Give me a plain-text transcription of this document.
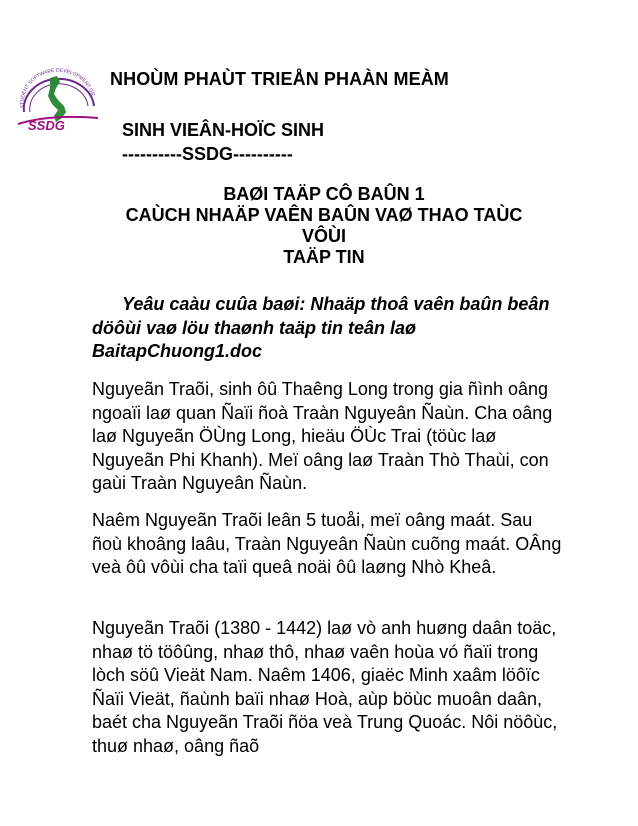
STUDENT SOFTWARE DEVELOPMENT GR
SSDG
NHOÙM PHAÙT TRIEÅN PHAÀN MEÀM
SINH VIEÂN-HOÏC SINH
----------SSDG----------
BAØI TAÄP CÔ BAÛN 1
CAÙCH NHAÄP VAÊN BAÛN VAØ THAO TAÙC
VÔÙI
TAÄP TIN
Yeâu caàu cuûa baøi: Nhaäp thoâ vaên baûn beân döôùi vaø löu thaønh taäp tin teân laø BaitapChuong1.doc
Nguyeãn Traõi, sinh ôû Thaêng Long trong gia ñình oâng ngoaïi laø quan Ñaïi ñoà Traàn Nguyeân Ñaùn. Cha oâng laø Nguyeãn ÖÙng Long, hieäu ÖÙc Trai (töùc laø Nguyeãn Phi Khanh). Meï oâng laø Traàn Thò Thaùi, con gaùi Traàn Nguyeân Ñaùn.
Naêm Nguyeãn Traõi leân 5 tuoåi, meï oâng maát. Sau ñoù khoâng laâu, Traàn Nguyeân Ñaùn cuõng maát. OÂng veà ôû vôùi cha taïi queâ noäi ôû laøng Nhò Kheâ.
Nguyeãn Traõi (1380 - 1442) laø vò anh huøng daân toäc, nhaø tö töôûng, nhaø thô, nhaø vaên hoùa vó ñaïi trong lòch söû Vieät Nam. Naêm 1406, giaëc Minh xaâm löôïc Ñaïi Vieät, ñaùnh baïi nhaø Hoà, aùp böùc muoân daân, baét cha Nguyeãn Traõi ñöa veà Trung Quoác. Nôi nöôùc, thuø nhaø, oâng ñaõ
